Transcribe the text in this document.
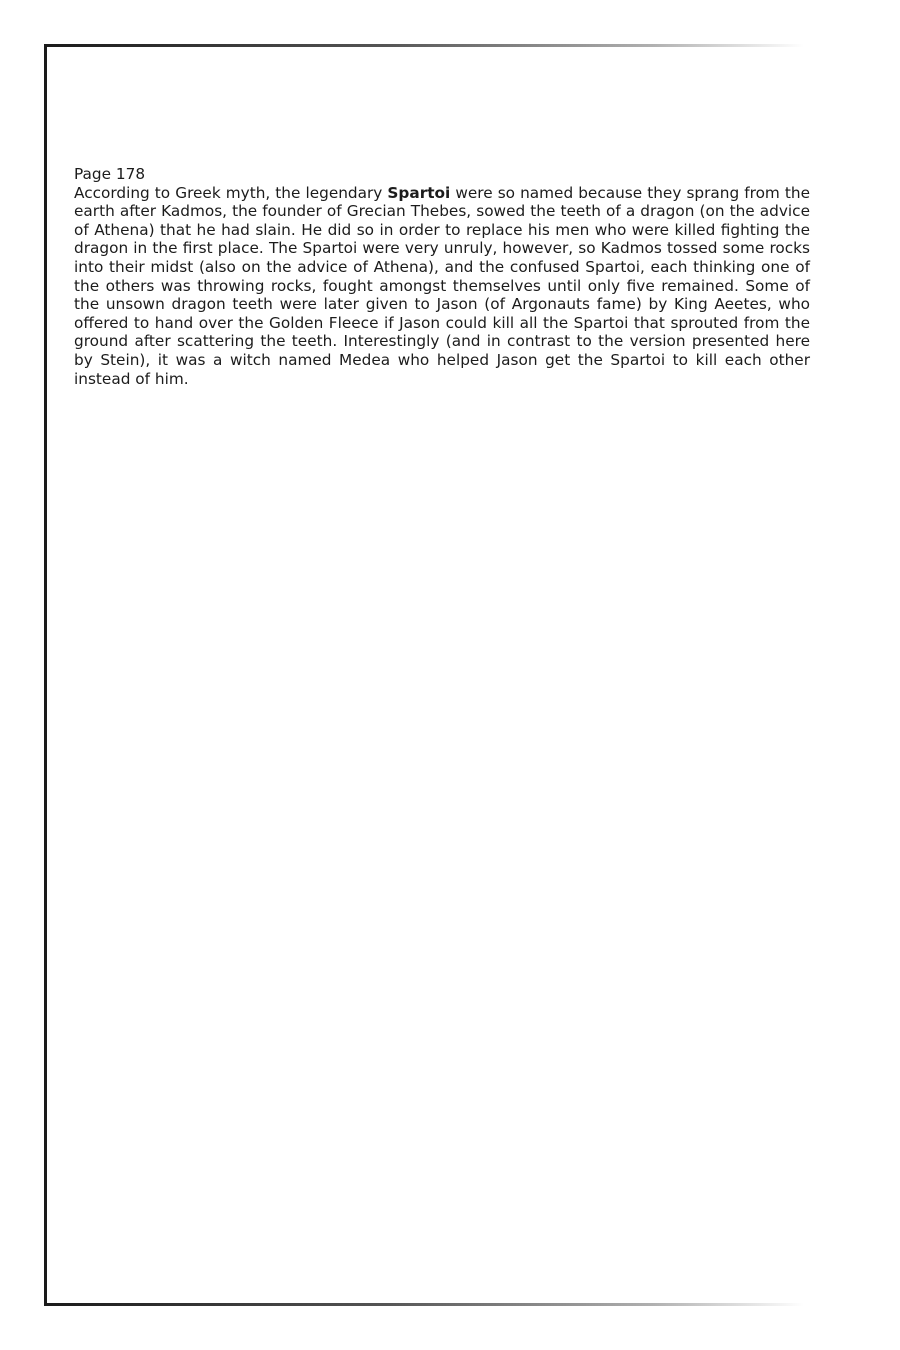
Page 178

According to Greek myth, the legendary Spartoi were so named because they sprang from the earth after Kadmos, the founder of Grecian Thebes, sowed the teeth of a dragon (on the advice of Athena) that he had slain. He did so in order to replace his men who were killed fighting the dragon in the first place. The Spartoi were very unruly, however, so Kadmos tossed some rocks into their midst (also on the advice of Athena), and the confused Spartoi, each thinking one of the others was throwing rocks, fought amongst themselves until only five remained. Some of the unsown dragon teeth were later given to Jason (of Argonauts fame) by King Aeetes, who offered to hand over the Golden Fleece if Jason could kill all the Spartoi that sprouted from the ground after scattering the teeth. Interestingly (and in contrast to the version presented here by Stein), it was a witch named Medea who helped Jason get the Spartoi to kill each other instead of him.
